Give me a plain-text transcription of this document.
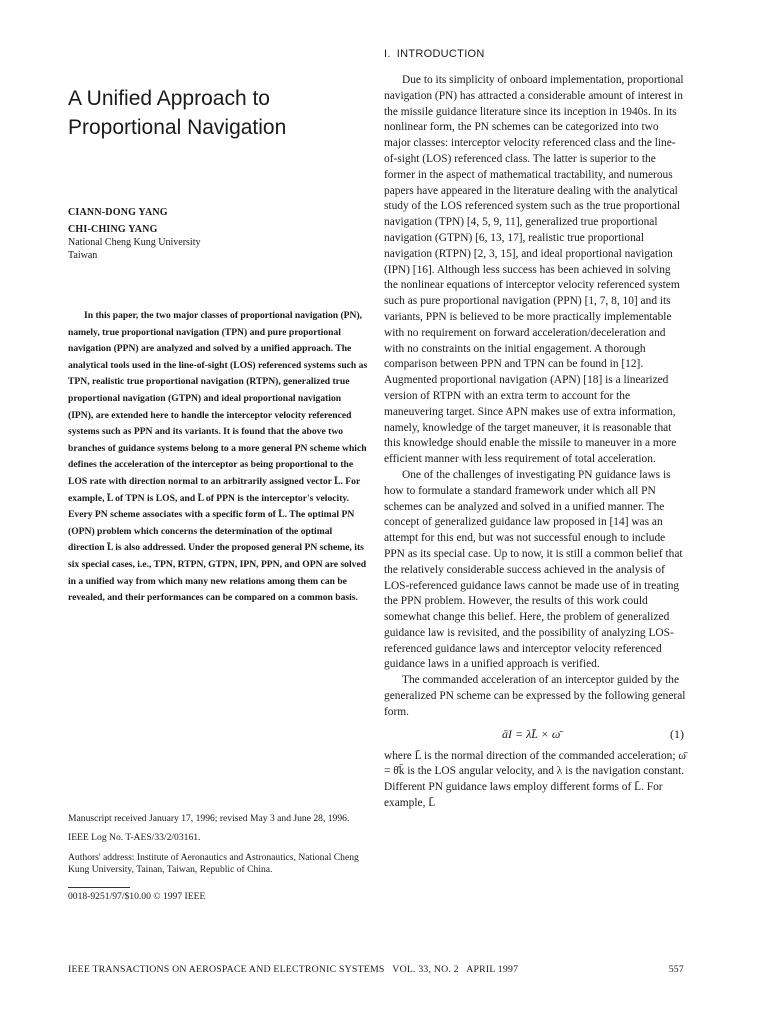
A Unified Approach to
Proportional Navigation
CIANN-DONG YANG
CHI-CHING YANG
National Cheng Kung University
Taiwan

In this paper, the two major classes of proportional navigation (PN), namely, true proportional navigation (TPN) and pure proportional navigation (PPN) are analyzed and solved by a unified approach. The analytical tools used in the line-of-sight (LOS) referenced systems such as TPN, realistic true proportional navigation (RTPN), generalized true proportional navigation (GTPN) and ideal proportional navigation (IPN), are extended here to handle the interceptor velocity referenced systems such as PPN and its variants. It is found that the above two branches of guidance systems belong to a more general PN scheme which defines the acceleration of the interceptor as being proportional to the LOS rate with direction normal to an arbitrarily assigned vector L̄. For example, L̄ of TPN is LOS, and L̄ of PPN is the interceptor's velocity. Every PN scheme associates with a specific form of L̄. The optimal PN (OPN) problem which concerns the determination of the optimal direction L̄ is also addressed. Under the proposed general PN scheme, its six special cases, i.e., TPN, RTPN, GTPN, IPN, PPN, and OPN are solved in a unified way from which many new relations among them can be revealed, and their performances can be compared on a common basis.

Manuscript received January 17, 1996; revised May 3 and June 28, 1996.

IEEE Log No. T-AES/33/2/03161.

Authors' address: Institute of Aeronautics and Astronautics, National Cheng Kung University, Tainan, Taiwan, Republic of China.

0018-9251/97/$10.00 © 1997 IEEE

I. INTRODUCTION

Due to its simplicity of onboard implementation, proportional navigation (PN) has attracted a considerable amount of interest in the missile guidance literature since its inception in 1940s. In its nonlinear form, the PN schemes can be categorized into two major classes: interceptor velocity referenced class and the line-of-sight (LOS) referenced class. The latter is superior to the former in the aspect of mathematical tractability, and numerous papers have appeared in the literature dealing with the analytical study of the LOS referenced system such as the true proportional navigation (TPN) [4, 5, 9, 11], generalized true proportional navigation (GTPN) [6, 13, 17], realistic true proportional navigation (RTPN) [2, 3, 15], and ideal proportional navigation (IPN) [16]. Although less success has been achieved in solving the nonlinear equations of interceptor velocity referenced system such as pure proportional navigation (PPN) [1, 7, 8, 10] and its variants, PPN is believed to be more practically implementable with no requirement on forward acceleration/deceleration and with no constraints on the initial engagement. A thorough comparison between PPN and TPN can be found in [12]. Augmented proportional navigation (APN) [18] is a linearized version of RTPN with an extra term to account for the maneuvering target. Since APN makes use of extra information, namely, knowledge of the target maneuver, it is reasonable that this knowledge should enable the missile to maneuver in a more efficient manner with less requirement of total acceleration.

One of the challenges of investigating PN guidance laws is how to formulate a standard framework under which all PN schemes can be analyzed and solved in a unified manner. The concept of generalized guidance law proposed in [14] was an attempt for this end, but was not successful enough to include PPN as its special case. Up to now, it is still a common belief that the relatively considerable success achieved in the analysis of LOS-referenced guidance laws cannot be made use of in treating the PPN problem. However, the results of this work could somewhat change this belief. Here, the problem of generalized guidance law is revisited, and the possibility of analyzing LOS-referenced guidance laws and interceptor velocity referenced guidance laws in a unified approach is verified.

The commanded acceleration of an interceptor guided by the generalized PN scheme can be expressed by the following general form.

āI = λL̄ × ω̄	(1)

where L̄ is the normal direction of the commanded acceleration; ω̄ = θ̇k̄ is the LOS angular velocity, and λ is the navigation constant. Different PN guidance laws employ different forms of L̄. For example, L̄

IEEE TRANSACTIONS ON AEROSPACE AND ELECTRONIC SYSTEMS VOL. 33, NO. 2 APRIL 1997	557
